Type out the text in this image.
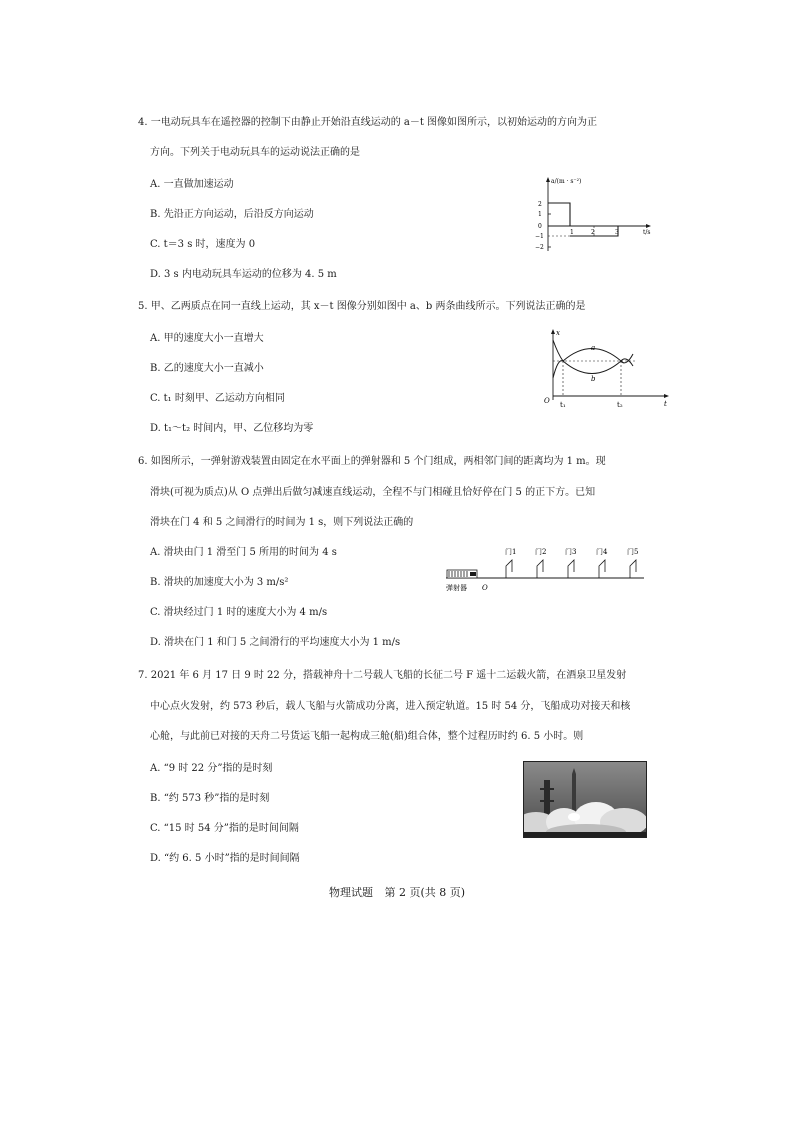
4. 一电动玩具车在遥控器的控制下由静止开始沿直线运动的 a－t 图像如图所示，以初始运动的方向为正
方向。下列关于电动玩具车的运动说法正确的是
A. 一直做加速运动
B. 先沿正方向运动，后沿反方向运动
C. t＝3 s 时，速度为 0
D. 3 s 内电动玩具车运动的位移为 4. 5 m
a/(m · s⁻²)
t/s
2
1
0
−1
−2
1	2	3
5. 甲、乙两质点在同一直线上运动，其 x－t 图像分别如图中 a、b 两条曲线所示。下列说法正确的是
A. 甲的速度大小一直增大
B. 乙的速度大小一直减小
C. t₁ 时刻甲、乙运动方向相同
D. t₁～t₂ 时间内，甲、乙位移均为零
x
O	t
t₁	t₂
a
b
6. 如图所示，一弹射游戏装置由固定在水平面上的弹射器和 5 个门组成，两相邻门间的距离均为 1 m。现
滑块(可视为质点)从 O 点弹出后做匀减速直线运动，全程不与门相碰且恰好停在门 5 的正下方。已知
滑块在门 4 和 5 之间滑行的时间为 1 s，则下列说法正确的
A. 滑块由门 1 滑至门 5 所用的时间为 4 s
B. 滑块的加速度大小为 3 m/s²
C. 滑块经过门 1 时的速度大小为 4 m/s
D. 滑块在门 1 和门 5 之间滑行的平均速度大小为 1 m/s
弹射器 O
门1	门2	门3	门4	门5
7. 2021 年 6 月 17 日 9 时 22 分，搭载神舟十二号载人飞船的长征二号 F 遥十二运载火箭，在酒泉卫星发射
中心点火发射，约 573 秒后，载人飞船与火箭成功分离，进入预定轨道。15 时 54 分，飞船成功对接天和核
心舱，与此前已对接的天舟二号货运飞船一起构成三舱(船)组合体，整个过程历时约 6. 5 小时。则
A. “9 时 22 分”指的是时刻
B. “约 573 秒”指的是时刻
C. “15 时 54 分”指的是时间间隔
D. “约 6. 5 小时”指的是时间间隔
物理试题 第 2 页(共 8 页)
